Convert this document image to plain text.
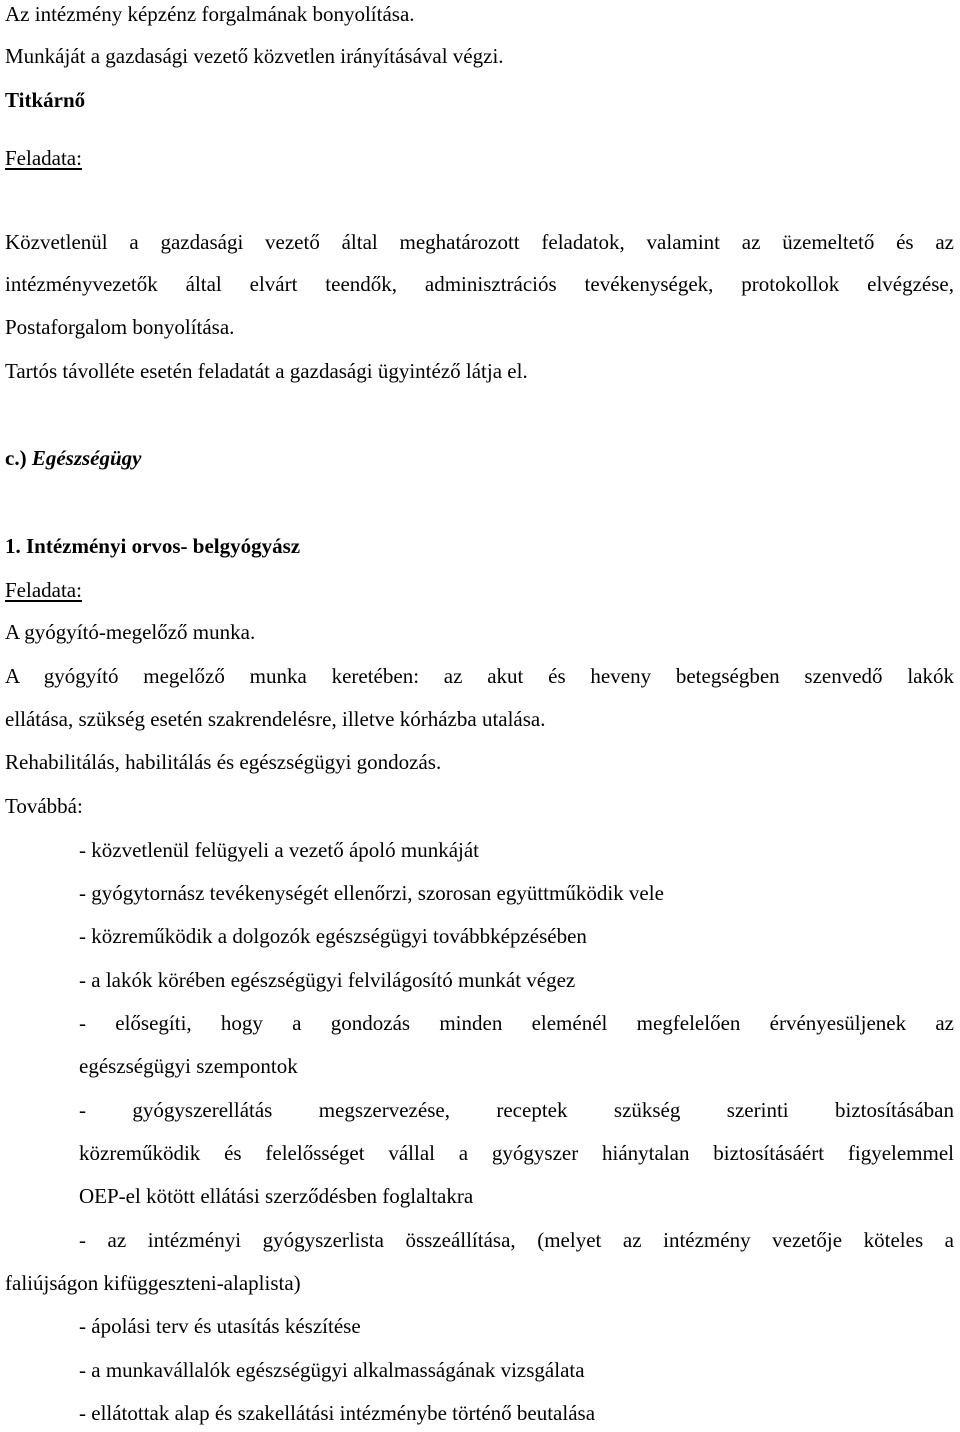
Az intézmény képzénz forgalmának bonyolítása.
Munkáját a gazdasági vezető közvetlen irányításával végzi.
Titkárnő
Feladata:
Közvetlenül a gazdasági vezető által meghatározott feladatok, valamint az üzemeltető és az
intézményvezetők által elvárt teendők, adminisztrációs tevékenységek, protokollok elvégzése,
Postaforgalom bonyolítása.
Tartós távolléte esetén feladatát a gazdasági ügyintéző látja el.
c.) Egészségügy
1. Intézményi orvos- belgyógyász
Feladata:
A gyógyító-megelőző munka.
A gyógyító megelőző munka keretében: az akut és heveny betegségben szenvedő lakók
ellátása, szükség esetén szakrendelésre, illetve kórházba utalása.
Rehabilitálás, habilitálás és egészségügyi gondozás.
Továbbá:
- közvetlenül felügyeli a vezető ápoló munkáját
- gyógytornász tevékenységét ellenőrzi, szorosan együttműködik vele
- közreműködik a dolgozók egészségügyi továbbképzésében
- a lakók körében egészségügyi felvilágosító munkát végez
- elősegíti, hogy a gondozás minden eleménél megfelelően érvényesüljenek az
egészségügyi szempontok
- gyógyszerellátás megszervezése, receptek szükség szerinti biztosításában
közreműködik és felelősséget vállal a gyógyszer hiánytalan biztosításáért figyelemmel
OEP-el kötött ellátási szerződésben foglaltakra
- az intézményi gyógyszerlista összeállítása, (melyet az intézmény vezetője köteles a
faliújságon kifüggeszteni-alaplista)
- ápolási terv és utasítás készítése
- a munkavállalók egészségügyi alkalmasságának vizsgálata
- ellátottak alap és szakellátási intézménybe történő beutalása
